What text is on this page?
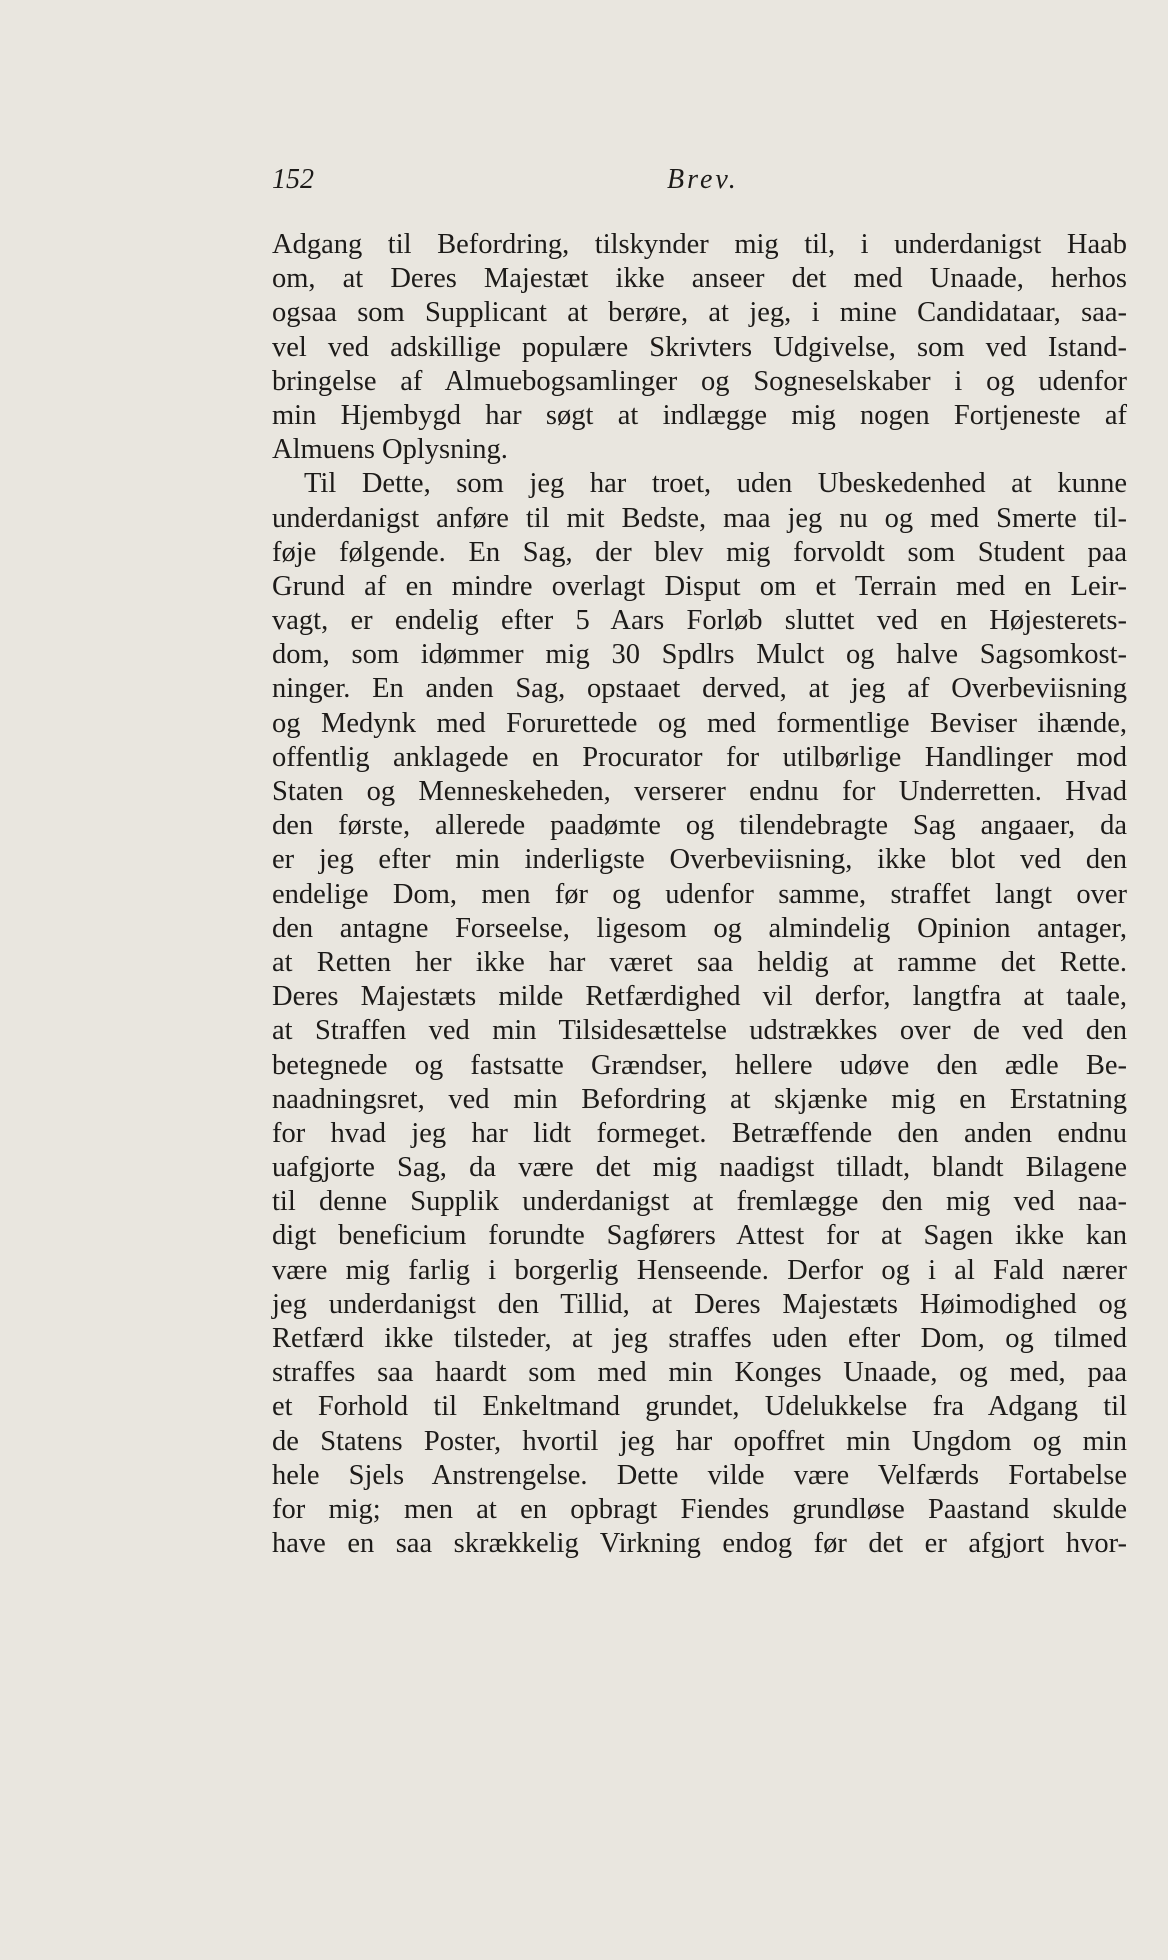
152	Brev.
Adgang til Befordring, tilskynder mig til, i underdanigst Haab
om, at Deres Majestæt ikke anseer det med Unaade, herhos
ogsaa som Supplicant at berøre, at jeg, i mine Candidataar, saa-
vel ved adskillige populære Skrivters Udgivelse, som ved Istand-
bringelse af Almuebogsamlinger og Sogneselskaber i og udenfor
min Hjembygd har søgt at indlægge mig nogen Fortjeneste af
Almuens Oplysning.
Til Dette, som jeg har troet, uden Ubeskedenhed at kunne
underdanigst anføre til mit Bedste, maa jeg nu og med Smerte til-
føje følgende. En Sag, der blev mig forvoldt som Student paa
Grund af en mindre overlagt Disput om et Terrain med en Leir-
vagt, er endelig efter 5 Aars Forløb sluttet ved en Højesterets-
dom, som idømmer mig 30 Spdlrs Mulct og halve Sagsomkost-
ninger. En anden Sag, opstaaet derved, at jeg af Overbeviisning
og Medynk med Forurettede og med formentlige Beviser ihænde,
offentlig anklagede en Procurator for utilbørlige Handlinger mod
Staten og Menneskeheden, verserer endnu for Underretten. Hvad
den første, allerede paadømte og tilendebragte Sag angaaer, da
er jeg efter min inderligste Overbeviisning, ikke blot ved den
endelige Dom, men før og udenfor samme, straffet langt over
den antagne Forseelse, ligesom og almindelig Opinion antager,
at Retten her ikke har været saa heldig at ramme det Rette.
Deres Majestæts milde Retfærdighed vil derfor, langtfra at taale,
at Straffen ved min Tilsidesættelse udstrækkes over de ved den
betegnede og fastsatte Grændser, hellere udøve den ædle Be-
naadningsret, ved min Befordring at skjænke mig en Erstatning
for hvad jeg har lidt formeget. Betræffende den anden endnu
uafgjorte Sag, da være det mig naadigst tilladt, blandt Bilagene
til denne Supplik underdanigst at fremlægge den mig ved naa-
digt beneficium forundte Sagførers Attest for at Sagen ikke kan
være mig farlig i borgerlig Henseende. Derfor og i al Fald nærer
jeg underdanigst den Tillid, at Deres Majestæts Høimodighed og
Retfærd ikke tilsteder, at jeg straffes uden efter Dom, og tilmed
straffes saa haardt som med min Konges Unaade, og med, paa
et Forhold til Enkeltmand grundet, Udelukkelse fra Adgang til
de Statens Poster, hvortil jeg har opoffret min Ungdom og min
hele Sjels Anstrengelse. Dette vilde være Velfærds Fortabelse
for mig; men at en opbragt Fiendes grundløse Paastand skulde
have en saa skrækkelig Virkning endog før det er afgjort hvor-
